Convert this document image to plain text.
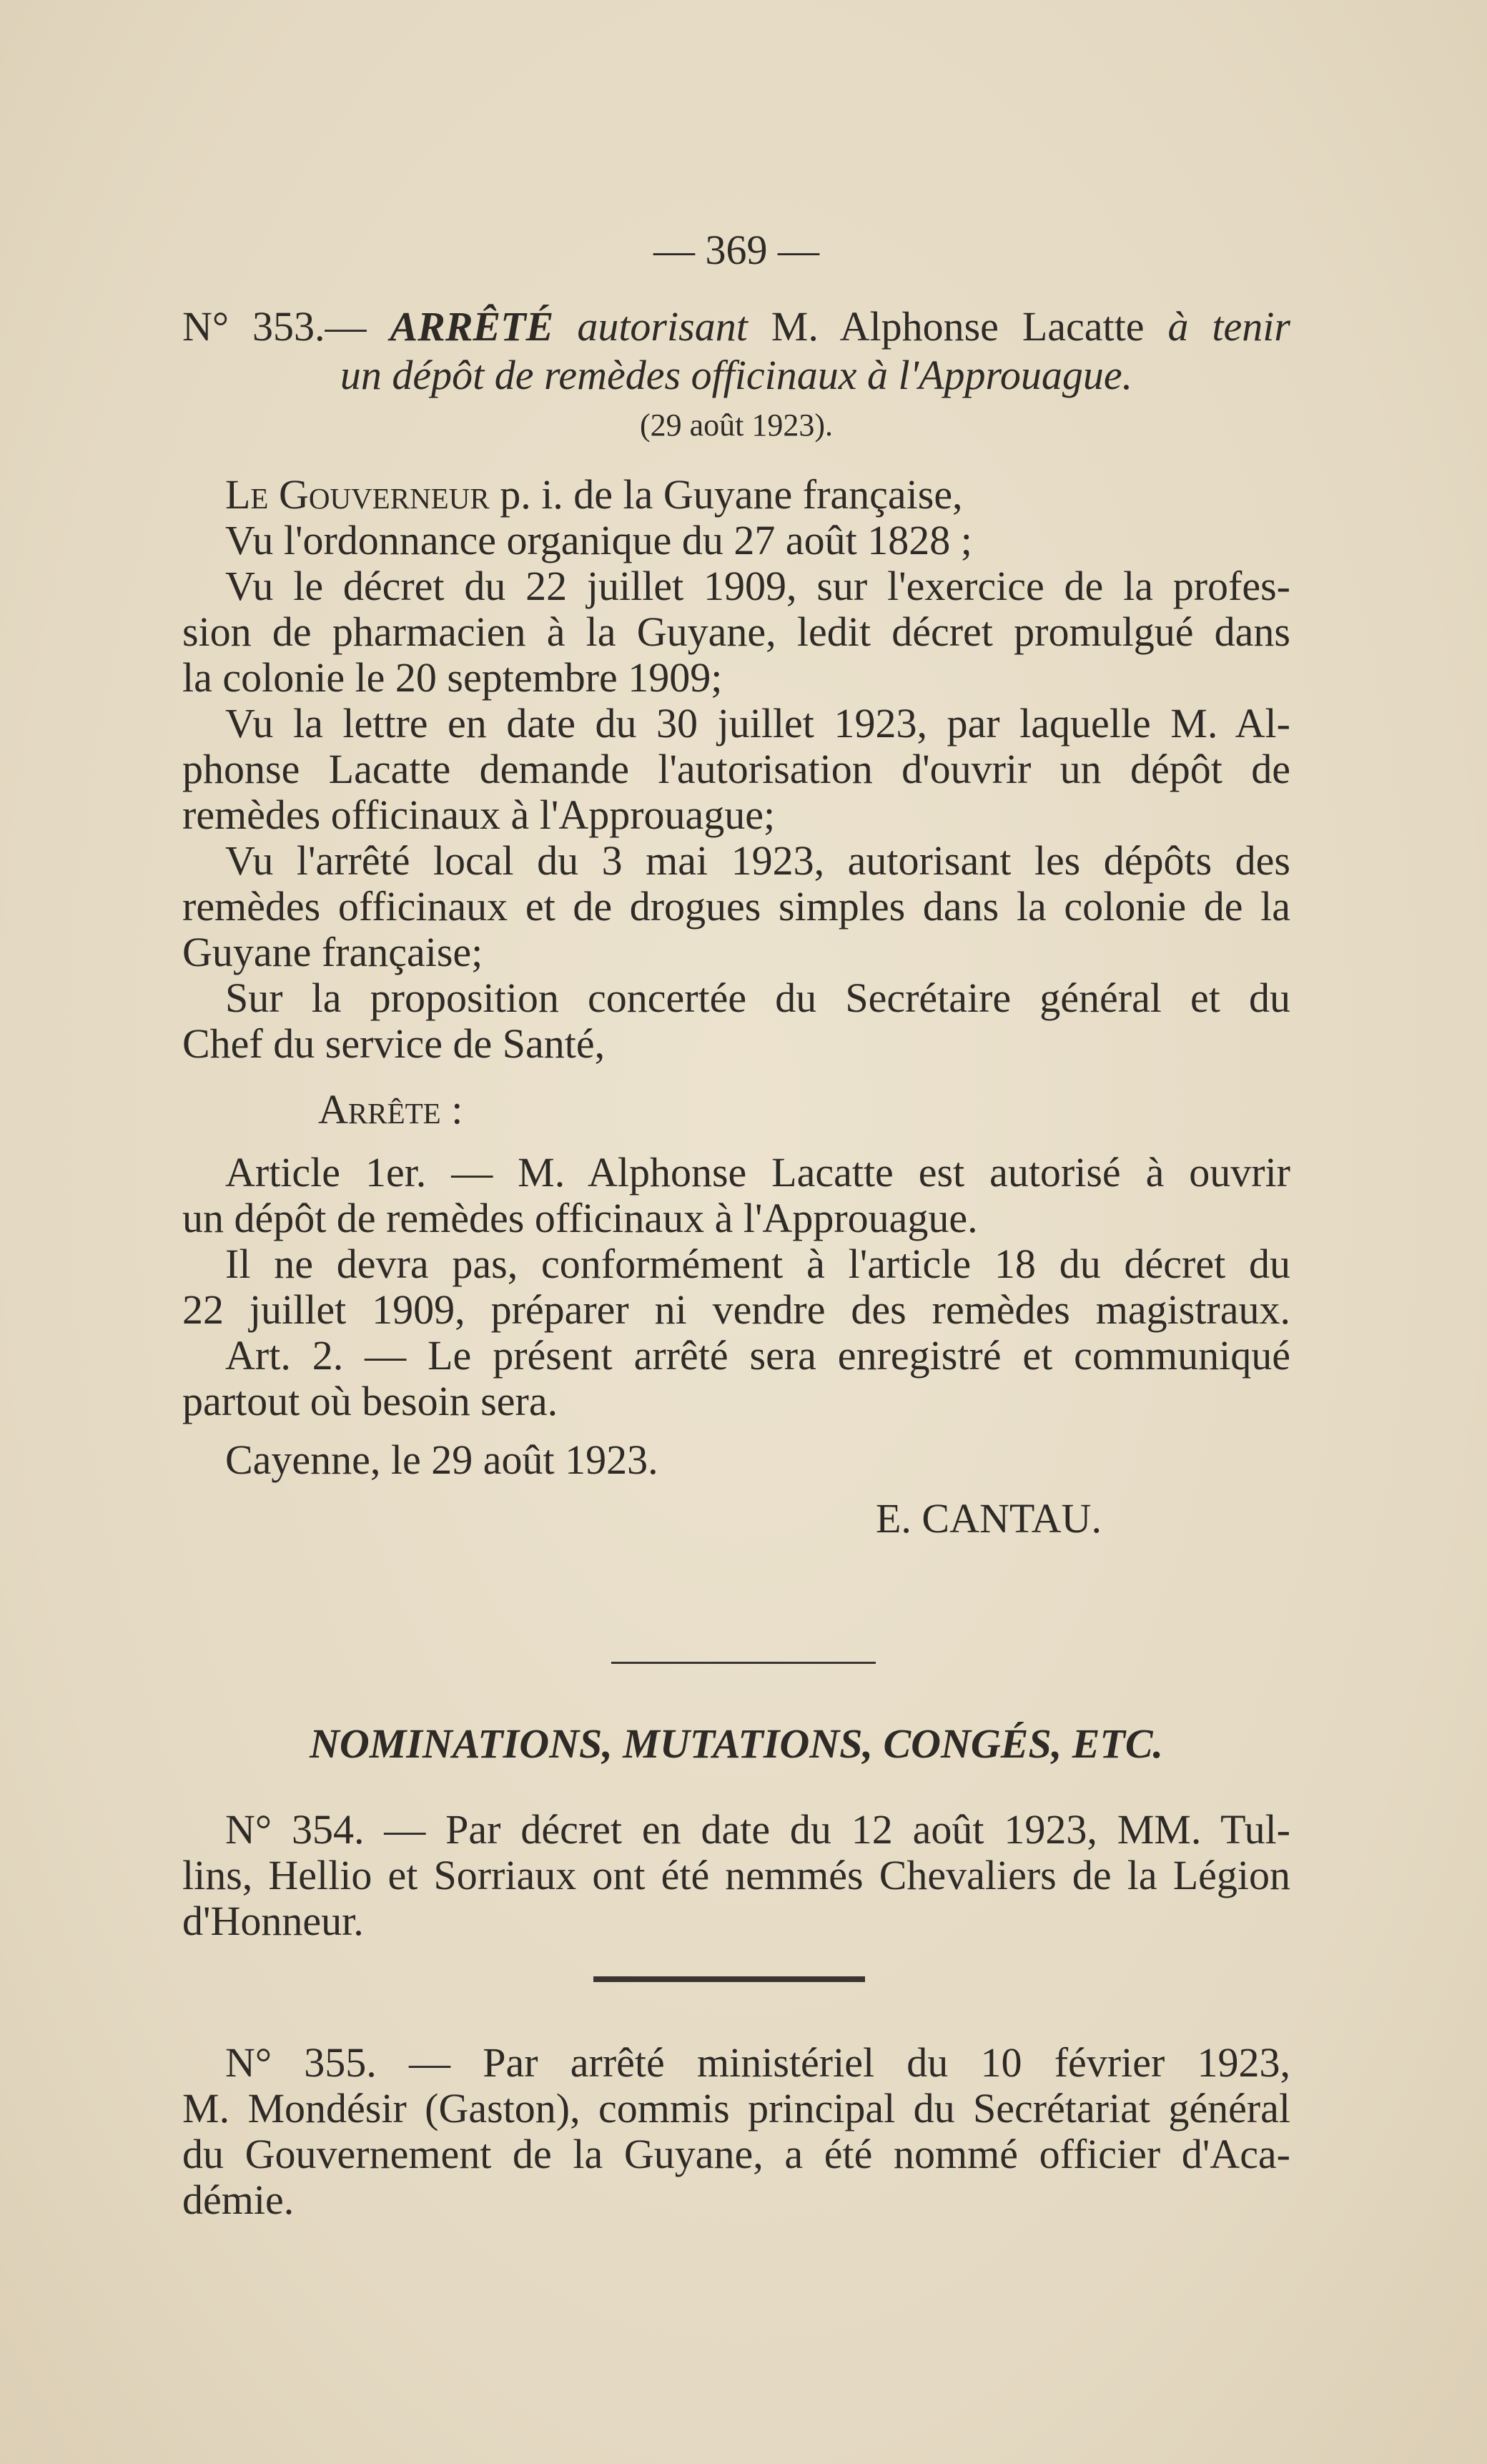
— 369 —
N° 353.— ARRÊTÉ autorisant M. Alphonse Lacatte à tenir
un dépôt de remèdes officinaux à l'Approuague.
(29 août 1923).
Le Gouverneur p. i. de la Guyane française,
Vu l'ordonnance organique du 27 août 1828 ;
Vu le décret du 22 juillet 1909, sur l'exercice de la profes-
sion de pharmacien à la Guyane, ledit décret promulgué dans
la colonie le 20 septembre 1909;
Vu la lettre en date du 30 juillet 1923, par laquelle M. Al-
phonse Lacatte demande l'autorisation d'ouvrir un dépôt de
remèdes officinaux à l'Approuague;
Vu l'arrêté local du 3 mai 1923, autorisant les dépôts des
remèdes officinaux et de drogues simples dans la colonie de la
Guyane française;
Sur la proposition concertée du Secrétaire général et du
Chef du service de Santé,
Arrête :
Article 1er. — M. Alphonse Lacatte est autorisé à ouvrir
un dépôt de remèdes officinaux à l'Approuague.
Il ne devra pas, conformément à l'article 18 du décret du
22 juillet 1909, préparer ni vendre des remèdes magistraux.
Art. 2. — Le présent arrêté sera enregistré et communiqué
partout où besoin sera.
Cayenne, le 29 août 1923.
E. CANTAU.
NOMINATIONS, MUTATIONS, CONGÉS, ETC.
N° 354. — Par décret en date du 12 août 1923, MM. Tul-
lins, Hellio et Sorriaux ont été nemmés Chevaliers de la Légion
d'Honneur.
N° 355. — Par arrêté ministériel du 10 février 1923,
M. Mondésir (Gaston), commis principal du Secrétariat général
du Gouvernement de la Guyane, a été nommé officier d'Aca-
démie.
